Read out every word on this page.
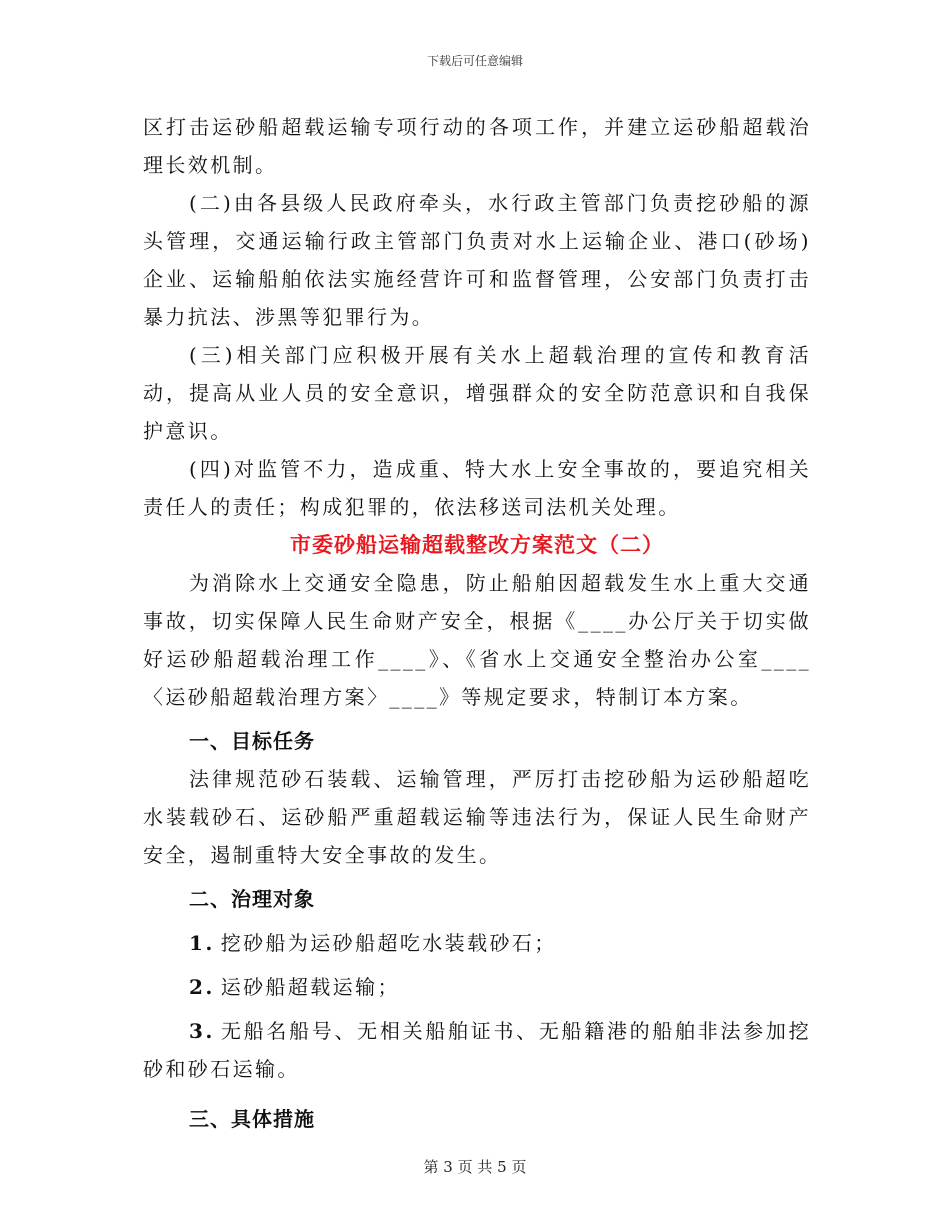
下载后可任意编辑

区打击运砂船超载运输专项行动的各项工作，并建立运砂船超载治理长效机制。

(二)由各县级人民政府牵头，水行政主管部门负责挖砂船的源头管理，交通运输行政主管部门负责对水上运输企业、港口(砂场)企业、运输船舶依法实施经营许可和监督管理，公安部门负责打击暴力抗法、涉黑等犯罪行为。

(三)相关部门应积极开展有关水上超载治理的宣传和教育活动，提高从业人员的安全意识，增强群众的安全防范意识和自我保护意识。

(四)对监管不力，造成重、特大水上安全事故的，要追究相关责任人的责任；构成犯罪的，依法移送司法机关处理。

市委砂船运输超载整改方案范文（二）

为消除水上交通安全隐患，防止船舶因超载发生水上重大交通事故，切实保障人民生命财产安全，根据《____办公厅关于切实做好运砂船超载治理工作____》、《省水上交通安全整治办公室____〈运砂船超载治理方案〉____》等规定要求，特制订本方案。

一、目标任务

法律规范砂石装载、运输管理，严厉打击挖砂船为运砂船超吃水装载砂石、运砂船严重超载运输等违法行为，保证人民生命财产安全，遏制重特大安全事故的发生。

二、治理对象

1. 挖砂船为运砂船超吃水装载砂石；

2. 运砂船超载运输；

3. 无船名船号、无相关船舶证书、无船籍港的船舶非法参加挖砂和砂石运输。

三、具体措施

第 3 页 共 5 页
